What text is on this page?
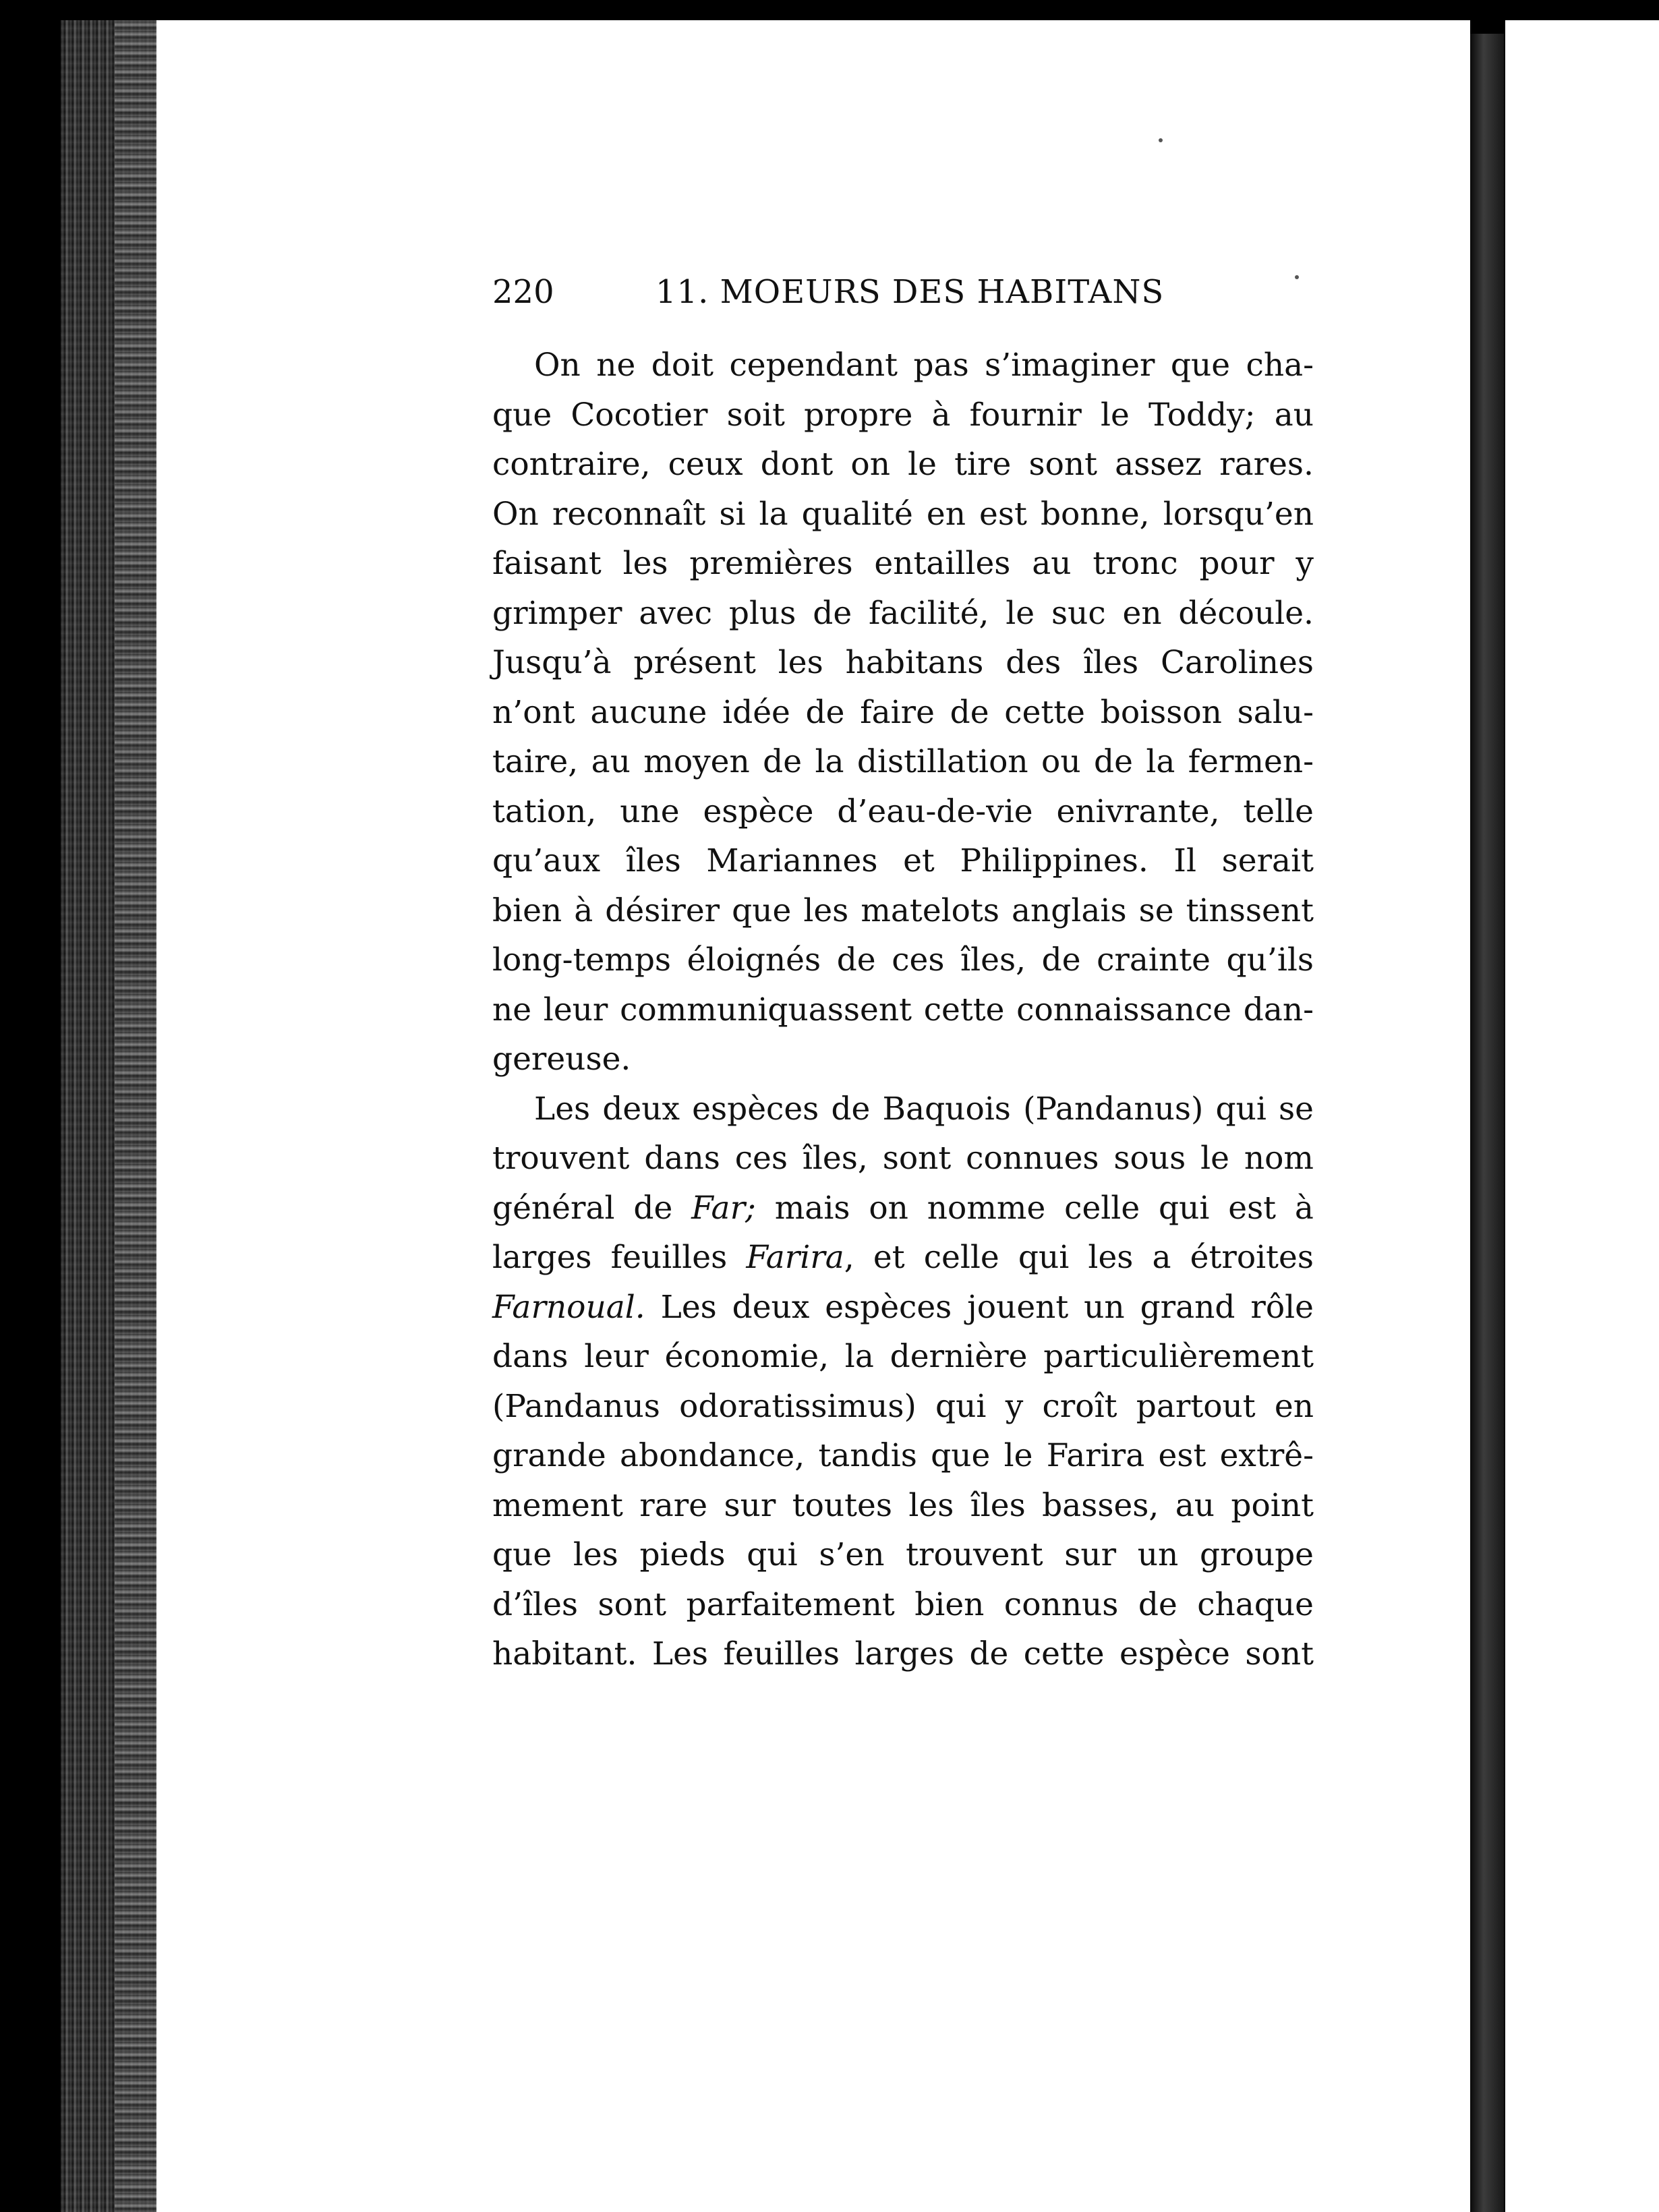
220	11. MOEURS DES HABITANS
On ne doit cependant pas s’imaginer que cha-
que Cocotier soit propre à fournir le Toddy; au
contraire, ceux dont on le tire sont assez rares.
On reconnaît si la qualité en est bonne, lorsqu’en
faisant les premières entailles au tronc pour y
grimper avec plus de facilité, le suc en découle.
Jusqu’à présent les habitans des îles Carolines
n’ont aucune idée de faire de cette boisson salu-
taire, au moyen de la distillation ou de la fermen-
tation, une espèce d’eau-de-vie enivrante, telle
qu’aux îles Mariannes et Philippines. Il serait
bien à désirer que les matelots anglais se tinssent
long-temps éloignés de ces îles, de crainte qu’ils
ne leur communiquassent cette connaissance dan-
gereuse.
Les deux espèces de Baquois (Pandanus) qui se
trouvent dans ces îles, sont connues sous le nom
général de Far; mais on nomme celle qui est à
larges feuilles Farira, et celle qui les a étroites
Farnoual. Les deux espèces jouent un grand rôle
dans leur économie, la dernière particulièrement
(Pandanus odoratissimus) qui y croît partout en
grande abondance, tandis que le Farira est extrê-
mement rare sur toutes les îles basses, au point
que les pieds qui s’en trouvent sur un groupe
d’îles sont parfaitement bien connus de chaque
habitant. Les feuilles larges de cette espèce sont
